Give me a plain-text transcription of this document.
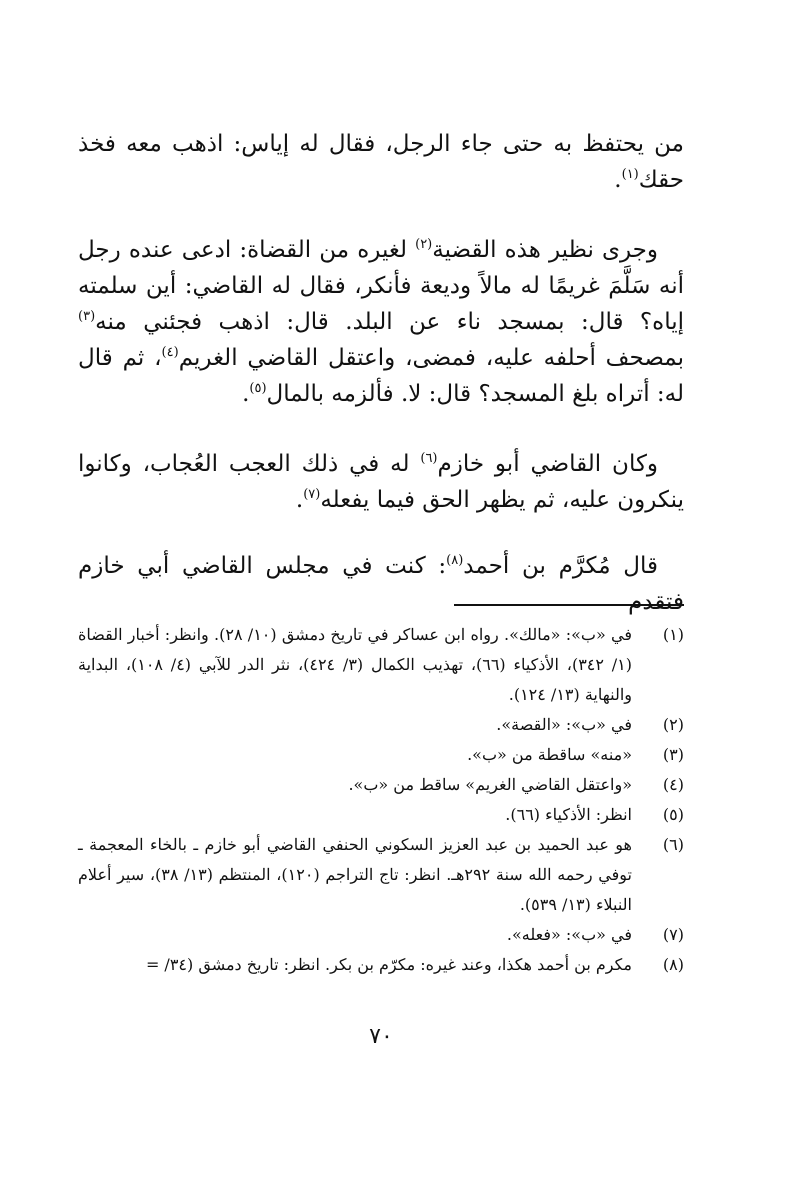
من يحتفظ به حتى جاء الرجل، فقال له إياس: اذهب معه فخذ حقك$^{(١)}$.

وجرى نظير هذه القضية$^{(٢)}$ لغيره من القضاة: ادعى عنده رجل أنه سَلَّمَ غريمًا له مالاً وديعة فأنكر، فقال له القاضي: أين سلمته إياه؟ قال: بمسجد ناء عن البلد. قال: اذهب فجئني منه$^{(٣)}$ بمصحف أحلفه عليه، فمضى، واعتقل القاضي الغريم$^{(٤)}$، ثم قال له: أتراه بلغ المسجد؟ قال: لا. فألزمه بالمال$^{(٥)}$.

وكان القاضي أبو خازم$^{(٦)}$ له في ذلك العجب العُجاب، وكانوا ينكرون عليه، ثم يظهر الحق فيما يفعله$^{(٧)}$.

قال مُكرَّم بن أحمد$^{(٨)}$: كنت في مجلس القاضي أبي خازم فتقدم

(١)
في «ب»: «مالك». رواه ابن عساكر في تاريخ دمشق (١٠/ ٢٨). وانظر: أخبار القضاة (١/ ٣٤٢)، الأذكياء (٦٦)، تهذيب الكمال (٣/ ٤٢٤)، نثر الدر للآبي (٤/ ١٠٨)، البداية والنهاية (١٣/ ١٢٤).
(٢)
في «ب»: «القصة».
(٣)
«منه» ساقطة من «ب».
(٤)
«واعتقل القاضي الغريم» ساقط من «ب».
(٥)
انظر: الأذكياء (٦٦).
(٦)
هو عبد الحميد بن عبد العزيز السكوني الحنفي القاضي أبو خازم ـ بالخاء المعجمة ـ توفي رحمه الله سنة ٢٩٢هـ. انظر: تاج التراجم (١٢٠)، المنتظم (١٣/ ٣٨)، سير أعلام النبلاء (١٣/ ٥٣٩).
(٧)
في «ب»: «فعله».
(٨)
مكرم بن أحمد هكذا، وعند غيره: مكرّم بن بكر. انظر: تاريخ دمشق (٣٤/ =
٧٠
